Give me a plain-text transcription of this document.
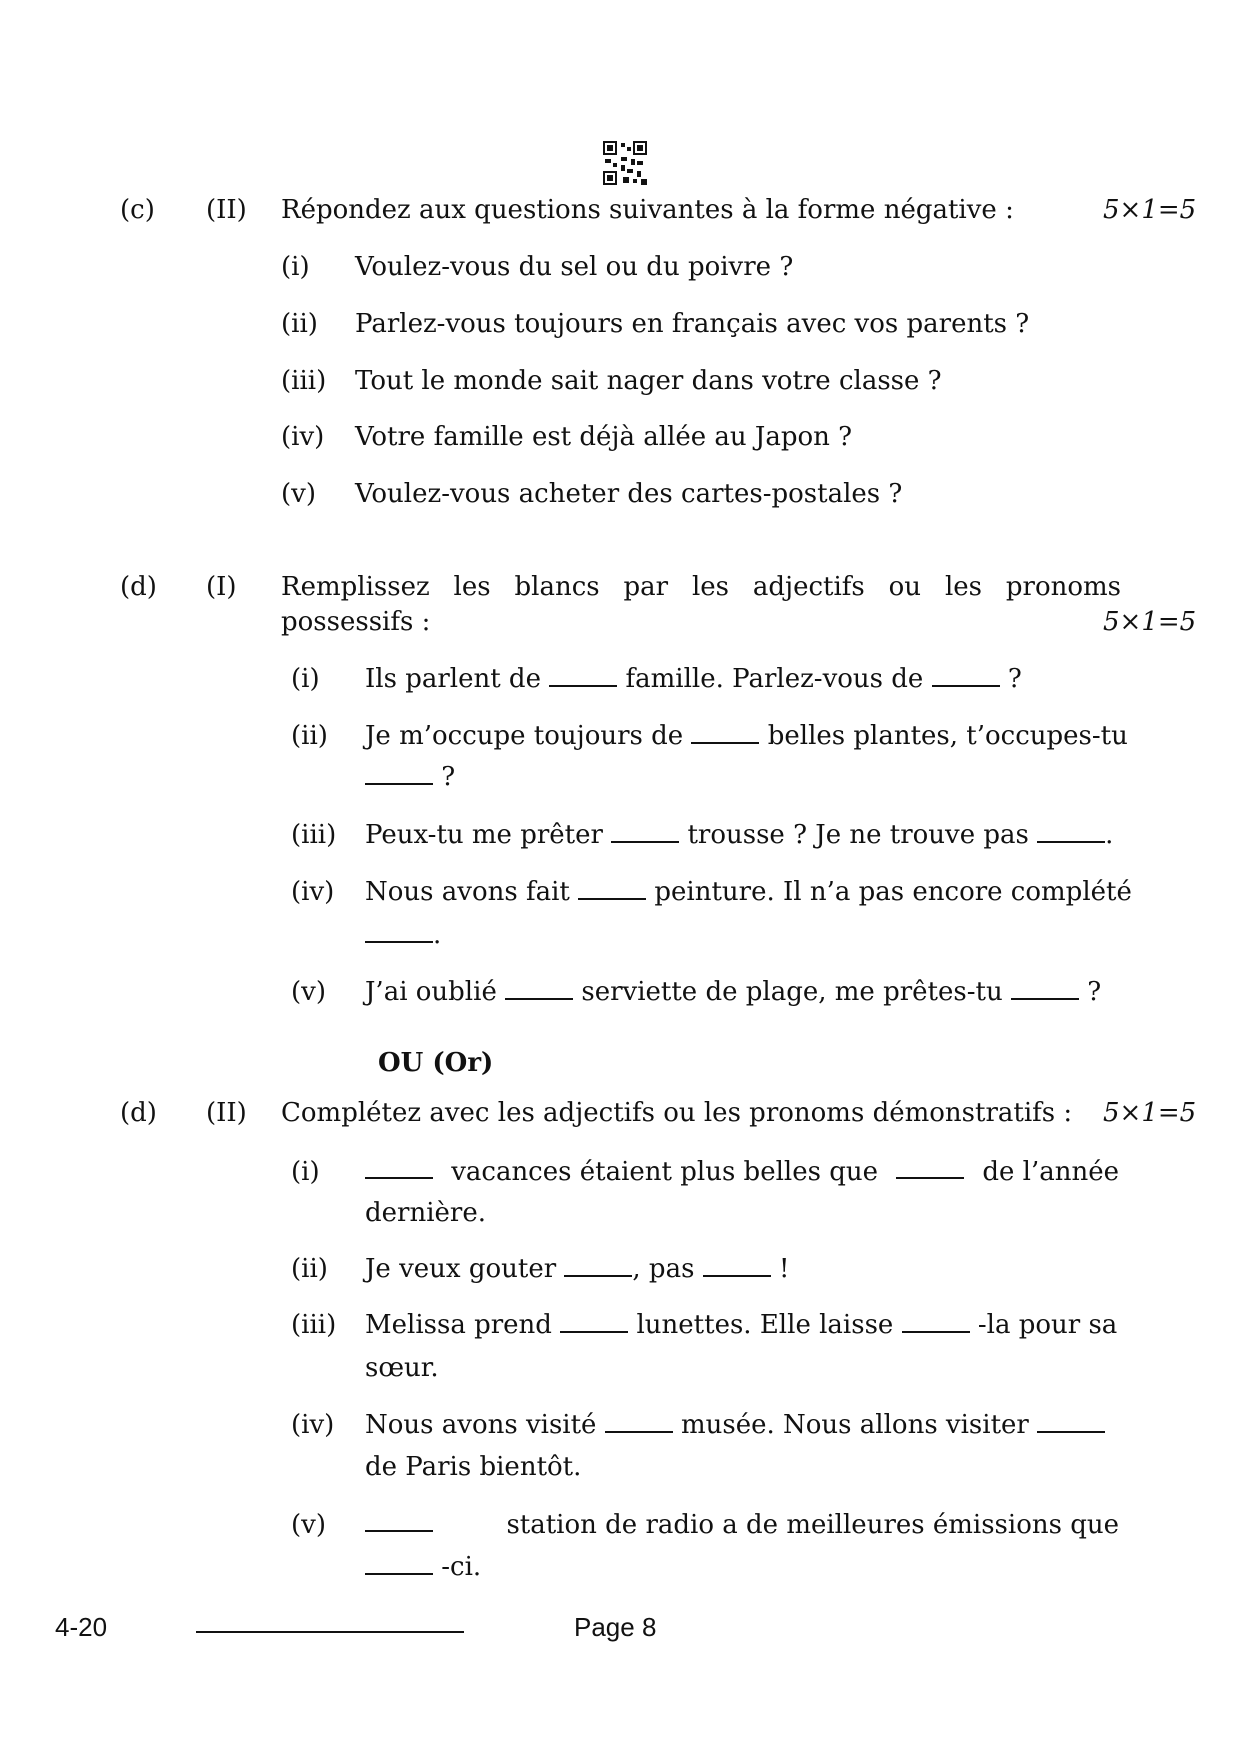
(c) (II) Répondez aux questions suivantes à la forme négative :	5×1=5
(i) Voulez-vous du sel ou du poivre ?
(ii) Parlez-vous toujours en français avec vos parents ?
(iii) Tout le monde sait nager dans votre classe ?
(iv) Votre famille est déjà allée au Japon ?
(v) Voulez-vous acheter des cartes-postales ?
(d) (I) Remplissez les blancs par les adjectifs ou les pronoms
possessifs :	5×1=5
(i) Ils parlent de	famille. Parlez-vous de	?
(ii) Je m’occupe toujours de	belles plantes, t’occupes-tu
?
(iii) Peux-tu me prêter	trousse ? Je ne trouve pas	.
(iv) Nous avons fait	peinture. Il n’a pas encore complété
.
(v) J’ai oublié	serviette de plage, me prêtes-tu	?
OU (Or)
(d) (II) Complétez avec les adjectifs ou les pronoms démonstratifs : 5×1=5
(i)	vacances étaient plus belles que	de l’année
dernière.
(ii) Je veux gouter	, pas	!
(iii) Melissa prend	lunettes. Elle laisse	-la pour sa
sœur.
(iv) Nous avons visité	musée. Nous allons visiter
de Paris bientôt.
(v)	station de radio a de meilleures émissions que
-ci.
4-20	Page 8
